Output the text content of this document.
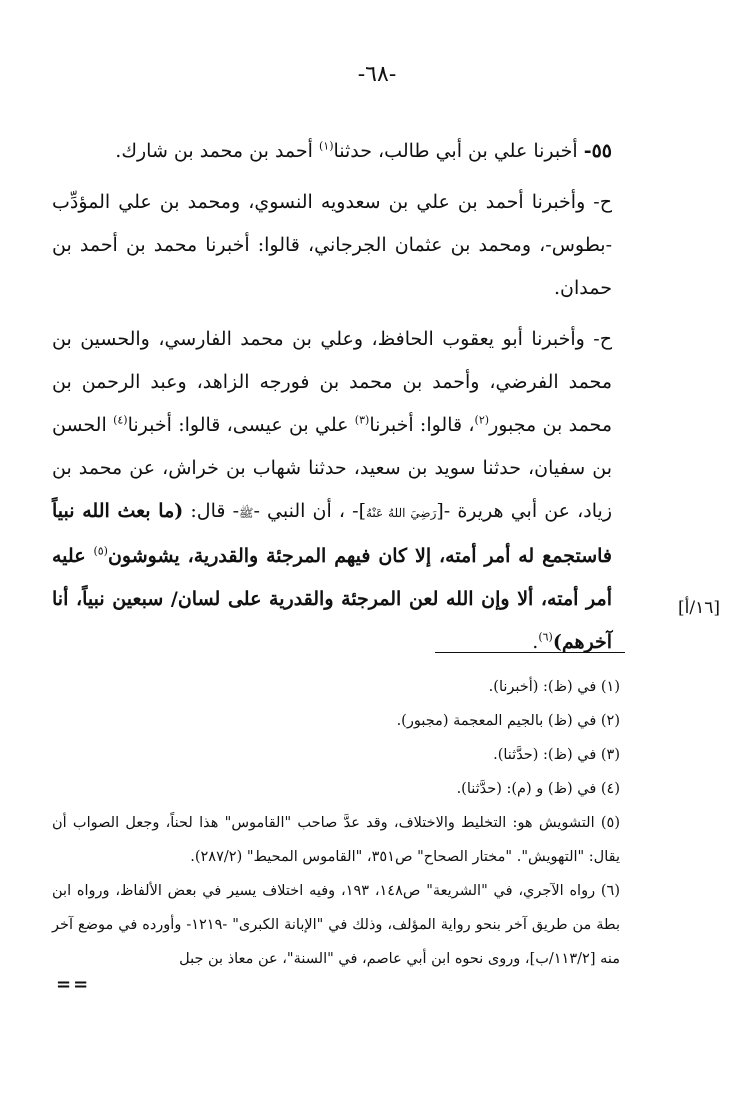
-٦٨-

٥٥- أخبرنا علي بن أبي طالب، حدثنا$^{(١)}$ أحمد بن محمد بن شارك.

ح- وأخبرنا أحمد بن علي بن سعدويه النسوي، ومحمد بن علي المؤدِّب -بطوس-، ومحمد بن عثمان الجرجاني، قالوا: أخبرنا محمد بن أحمد بن حمدان.

ح- وأخبرنا أبو يعقوب الحافظ، وعلي بن محمد الفارسي، والحسين بن محمد الفرضي، وأحمد بن محمد بن فورجه الزاهد، وعبد الرحمن بن محمد بن مجبور$^{(٢)}$، قالوا: أخبرنا$^{(٣)}$ علي بن عيسى، قالوا: أخبرنا$^{(٤)}$ الحسن بن سفيان، حدثنا سويد بن سعيد، حدثنا شهاب بن خراش، عن محمد بن زياد، عن أبي هريرة -[رَضِيَ اللهُ عَنْهُ]- ، أن النبي -ﷺ- قال: (ما بعث الله نبياً فاستجمع له أمر أمته، إلا كان فيهم المرجئة والقدرية، يشوشون$^{(٥)}$ عليه أمر أمته، ألا وإن الله لعن المرجئة والقدرية على لسان/ سبعين نبياً، أنا آخرهم)$^{(٦)}$.

[١٦/أ]

(١) في (ظ): (أخبرنا).

(٢) في (ظ) بالجيم المعجمة (مجبور).

(٣) في (ظ): (حدَّثنا).

(٤) في (ظ) و (م): (حدَّثنا).

(٥) التشويش هو: التخليط والاختلاف، وقد عدَّ صاحب "القاموس" هذا لحناً، وجعل الصواب أن يقال: "التهويش". "مختار الصحاح" ص٣٥١، "القاموس المحيط" (٢٨٧/٢).

(٦) رواه الآجري، في "الشريعة" ص١٤٨، ١٩٣، وفيه اختلاف يسير في بعض الألفاظ، ورواه ابن بطة من طريق آخر بنحو رواية المؤلف، وذلك في "الإبانة الكبرى" -١٢١٩- وأورده في موضع آخر منه [١١٣/٢/ب]، وروى نحوه ابن أبي عاصم، في "السنة"، عن معاذ بن جبل

==
